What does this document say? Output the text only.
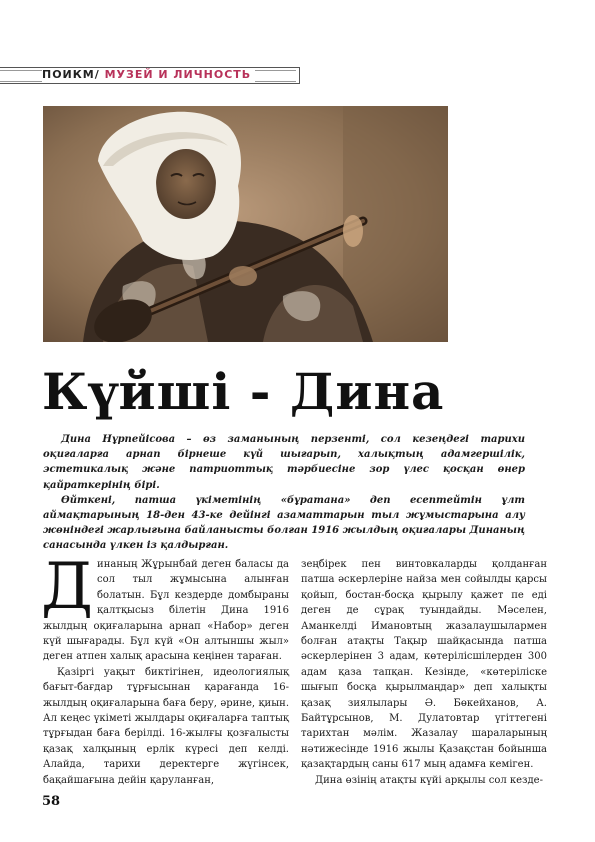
ПОИКМ/ МУЗЕЙ И ЛИЧНОСТЬ
Күйші - Дина

Дина Нұрпейісова – өз заманының перзенті, сол кезеңдегі тарихи оқиғаларға арнап бірнеше күй шығарып, халықтың адамгершілік, эстетикалық және патриоттық тәрбиесіне зор үлес қосқан өнер қайраткерінің бірі.

Өйткені, патша үкіметінің «бұратана» деп есептейтін ұлт аймақтарының 18-ден 43-ке дейінгі азаматтарын тыл жұмыстарына алу жөніндегі жарлығына байланысты болған 1916 жылдың оқиғалары Динаның санасында үлкен із қалдырған.

Д инаның Жұрынбай деген баласы да сол тыл жұмысына алынған болатын. Бұл кездерде домбыраны қалтқысыз білетін Дина 1916 жылдың оқиғаларына арнап «Набор» деген күй шығарады. Бұл күй «Он алтыншы жыл» деген атпен халық арасына кеңінен тараған.

Қазіргі уақыт биктігінен, идеологиялық бағыт-бағдар тұрғысынан қарағанда 16-жылдың оқиғаларына баға беру, әрине, қиын. Ал кеңес үкіметі жылдары оқиғаларға таптық тұрғыдан баға берілді. 16-жылғы қозғалысты қазақ халқының ерлік күресі деп келді. Алайда, тарихи деректерге жүгінсек, бақайшағына дейін қаруланған,

зеңбірек пен винтовкаларды қолданған патша әскерлеріне найза мен сойылды қарсы қойып, бостан-босқа қырылу қажет пе еді деген де сұрақ туындайды. Мәселен, Аманкелді Имановтың жазалаушылармен болған атақты Тақыр шайқасында патша әскерлерінен 3 адам, көтерілісшілерден 300 адам қаза тапқан. Кезінде, «көтеріліске шығып босқа қырылмаңдар» деп халықты қазақ зиялылары Ә. Бөкейханов, А. Байтұрсынов, М. Дулатовтар үгіттегені тарихтан мәлім. Жазалау шараларының нәтижесінде 1916 жылы Қазақстан бойынша қазақтардың саны 617 мың адамға кеміген.

Дина өзінің атақты күйі арқылы сол кезде-

58
